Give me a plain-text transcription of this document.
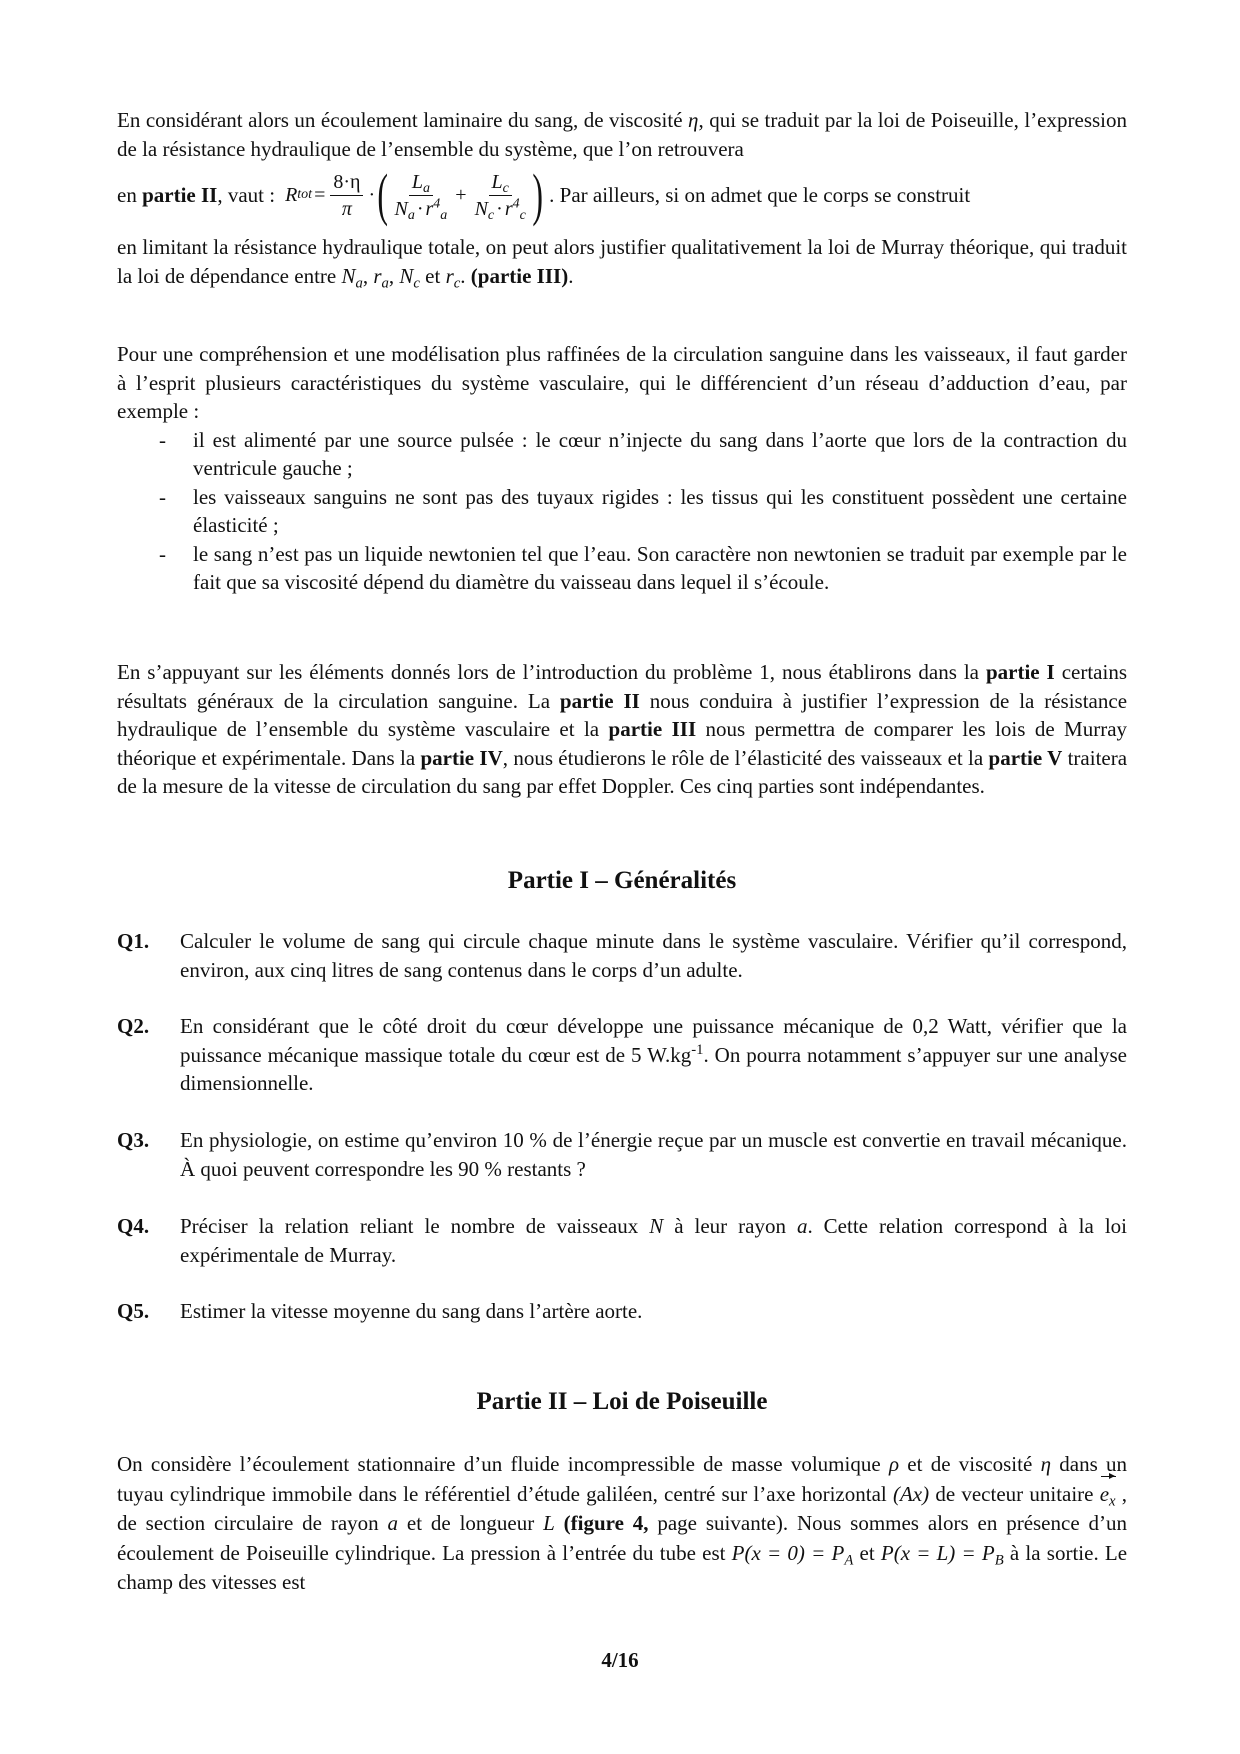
En considérant alors un écoulement laminaire du sang, de viscosité η, qui se traduit par la loi de Poiseuille, l’expression de la résistance hydraulique de l’ensemble du système, que l’on retrouvera

en
partie II , vaut : R tot = $\frac{8\cdot\eta}{\pi}$ · ( $\frac{L_a}{N_a \cdot r^4_a} + \frac{L_c}{N_c \cdot r^4_c}$ ) . Par ailleurs, si on admet que le corps se construit

en limitant la résistance hydraulique totale, on peut alors justifier qualitativement la loi de Murray théorique, qui traduit la loi de dépendance entre $N_a$, $r_a$, $N_c$ et $r_c$. (partie III).

Pour une compréhension et une modélisation plus raffinées de la circulation sanguine dans les vaisseaux, il faut garder à l’esprit plusieurs caractéristiques du système vasculaire, qui le différencient d’un réseau d’adduction d’eau, par exemple :

- il est alimenté par une source pulsée : le cœur n’injecte du sang dans l’aorte que lors de la contraction du ventricule gauche ;
- les vaisseaux sanguins ne sont pas des tuyaux rigides : les tissus qui les constituent possèdent une certaine élasticité ;
- le sang n’est pas un liquide newtonien tel que l’eau. Son caractère non newtonien se traduit par exemple par le fait que sa viscosité dépend du diamètre du vaisseau dans lequel il s’écoule.

En s’appuyant sur les éléments donnés lors de l’introduction du problème 1, nous établirons dans la partie I certains résultats généraux de la circulation sanguine. La partie II nous conduira à justifier l’expression de la résistance hydraulique de l’ensemble du système vasculaire et la partie III nous permettra de comparer les lois de Murray théorique et expérimentale. Dans la partie IV, nous étudierons le rôle de l’élasticité des vaisseaux et la partie V traitera de la mesure de la vitesse de circulation du sang par effet Doppler. Ces cinq parties sont indépendantes.

Partie I – Généralités
Q1. Calculer le volume de sang qui circule chaque minute dans le système vasculaire. Vérifier qu’il correspond, environ, aux cinq litres de sang contenus dans le corps d’un adulte.
Q2. En considérant que le côté droit du cœur développe une puissance mécanique de 0,2 Watt, vérifier que la puissance mécanique massique totale du cœur est de 5 $W.kg^{-1}$. On pourra notamment s’appuyer sur une analyse dimensionnelle.
Q3. En physiologie, on estime qu’environ 10 % de l’énergie reçue par un muscle est convertie en travail mécanique. À quoi peuvent correspondre les 90 % restants ?
Q4. Préciser la relation reliant le nombre de vaisseaux N à leur rayon a. Cette relation correspond à la loi expérimentale de Murray.
Q5. Estimer la vitesse moyenne du sang dans l’artère aorte.
Partie II – Loi de Poiseuille

On considère l’écoulement stationnaire d’un fluide incompressible de masse volumique ρ et de viscosité η dans un tuyau cylindrique immobile dans le référentiel d’étude galiléen, centré sur l’axe horizontal (Ax) de vecteur unitaire $e_x$ , de section circulaire de rayon a et de longueur L (figure 4, page suivante). Nous sommes alors en présence d’un écoulement de Poiseuille cylindrique. La pression à l’entrée du tube est $P(x = 0) = P_A$ et $P(x = L) = P_B$ à la sortie. Le champ des vitesses est

4/16
